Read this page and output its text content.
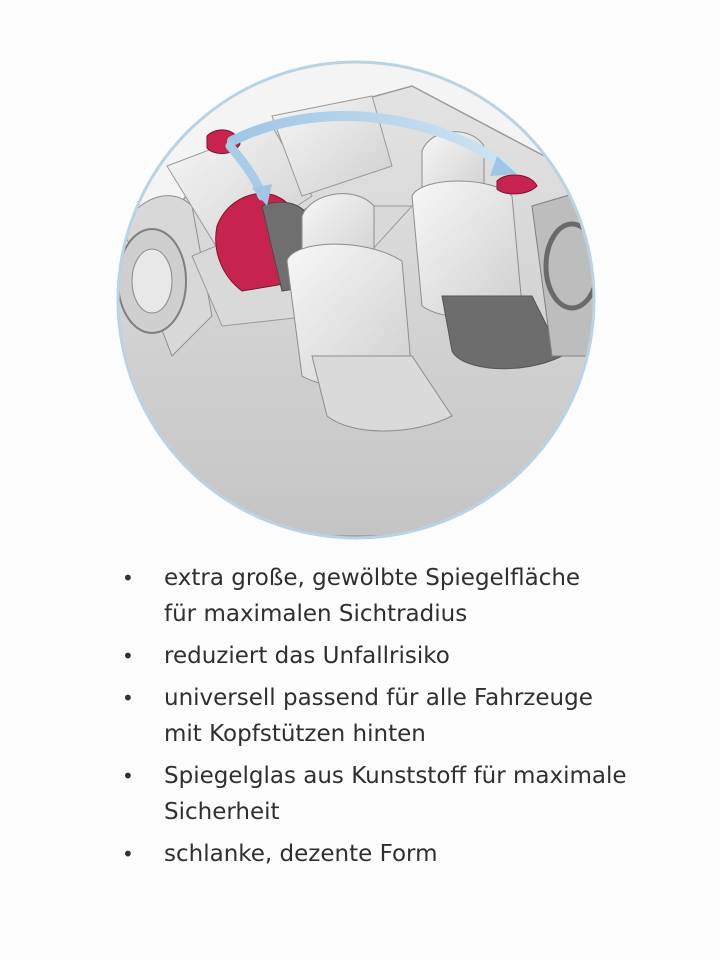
• extra große, gewölbte Spiegelfläche
für maximalen Sichtradius
• reduziert das Unfallrisiko
• universell passend für alle Fahrzeuge
mit Kopfstützen hinten
• Spiegelglas aus Kunststoff für maximale
Sicherheit
• schlanke, dezente Form
